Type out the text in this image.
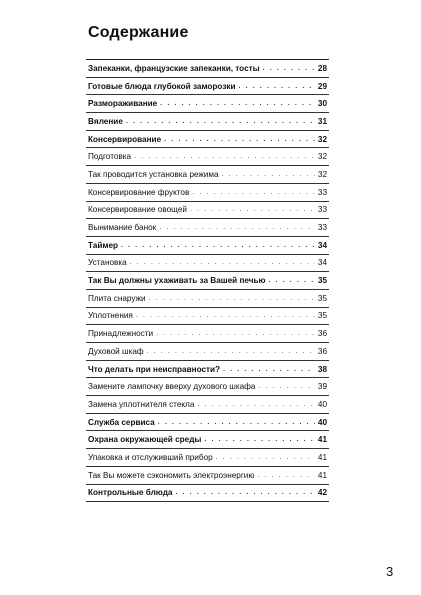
Содержание
Запеканки, французские запеканки, тосты . . .	28
Готовые блюда глубокой заморозки . . .	29
Размораживание . . .	30
Вяление . . .	31
Консервирование . . .	32
Подготовка . . .	32
Так проводится установка режима . . .	32
Консервирование фруктов . . .	33
Консервирование овощей . . .	33
Вынимание банок . . .	33
Таймер . . .	34
Установка . . .	34
Так Вы должны ухаживать за Вашей печью . . .	35
Плита снаружи . . .	35
Уплотнения . . .	35
Принадлежности . . .	36
Духовой шкаф . . .	36
Что делать при неисправности? . . .	38
Замените лампочку вверху духового шкафа . . .	39
Замена уплотнителя стекла . . .	40
Служба сервиса . . .	40
Охрана окружающей среды . . .	41
Упаковка и отслуживший прибор . . .	41
Так Вы можете сэкономить электроэнергию . . .	41
Контрольные блюда . . .	42
3
